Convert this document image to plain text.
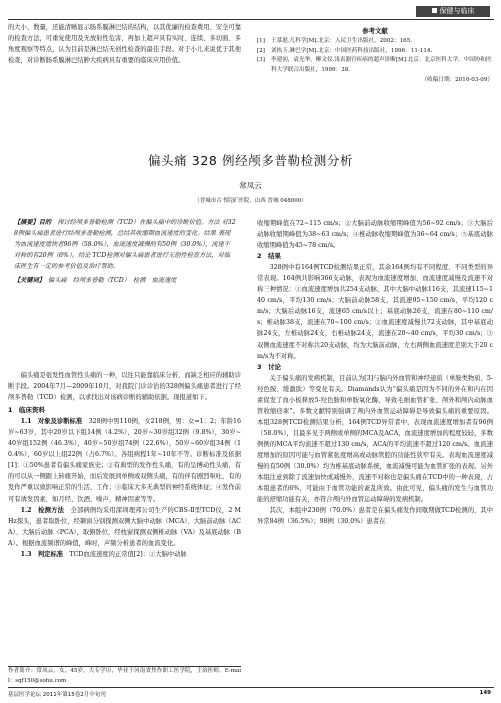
保健与临床

的大小、数量，还能清晰显示肠系膜淋巴结的结构，以其优廉的检查费用、安全可靠的检查方法，可重复使用及无放射性危害，再加上超声具有实时、连续、多切面、多角度观察等特点，认为目前是淋巴结无创性检查的最佳手段。对于小儿来说优于其他检查，对诊断肠系膜淋巴结肿大疾病具有重要的临床应用价值。

参考文献
[1]	王慕逖.儿科学[M].北京：人民卫生出版社，2002：165.
[2]	刘执玉.淋巴学[M].北京：中国医药科技出版社，1996：11-114.
[3]	李建初，袁光华，柳文仪.浅表器官疾病的超声诊断[M].北京：北京医科大学、中国协和医科大学联合出版社，1999：38.
（收稿日期：2010-03-09）
偏头痛 328 例经颅多普勒检测分析
常凤云
（晋城市古书院矿医院，山西 晋城 048000）

【摘要】目的　 探讨经颅多普勒检测（TCD）在偏头痛中的诊断价值。方法 对328例偏头痛患者进行经颅多普勒检测，总结其收缩期血流速度的变化。结果 表现为血流速度增快者96例（58.0%），血流速度减慢的有50例（30.0%），流速不对称的有20例（6%）。结论 TCD检测对偏头痛患者进行无创性检查方法，对临床医生有一定的参考价值及治疗帮助。

【关键词】　 偏头痛　经颅多普勒（TCD）　检测　血流速度

偏头痛是很发性血管性头痛的一种，以往只能靠临床分析，而缺乏相应的辅助诊断手段。2004年7月—2009年10月，对我院门诊诊治的328例偏头痛患者进行了经颅多普勒（TCD）检测，以求找出对该病诊断的辅助依据。现报道如下。

1　临床资料

1.1　对象及诊断标准　 328例中男110例，女218例，男：女=1：2；年龄16岁~63岁，其中20岁以下组14例（4.2%），20岁~30岁组32例（9.8%），30岁~40岁组152例（46.3%），40岁~50岁组74例（22.6%），50岁~60岁组34例（10.4%），60岁以上组22例（占6.7%）。各组病程1年~10年不等。诊断标准及依据[1]：①50%患者有偏头痛家族史；②有典型的发作性头痛，有的呈搏动性头痛，有的可以从一侧跟上转痛开始，而后发展到单侧或双侧头痛，有的伴有剧烈呕吐，有的发作严重以致影响正常的生活、工作；③临床大多无典型的神经系统体征；④发作前可有诱发因素，如月经、饮酒、噪声、精神因素等等。

1.2　检测方法　 全部病例均采用深圳理邦公司生产的CBS-Ⅱ型TCD仪，2 MHz探头，患者取卧位，经颞窗分别探测双侧大脑中动脉（MCA）、大脑前动脉（ACA）、大脑后动脉（PCA），取俯卧位，经枕窗探测双侧椎动脉（VA）及基底动脉（BA）。根据血流频谱的峰值，峰时，声频分析患者的血流变化。

1.3　判定标准　 TCD血流速度的正常值[2]：①大脑中动脉

作者简介：常凤云，女，45岁，大专学历，毕业于河南省焦作职工医学院，主治医师。E-mail：sqf150@sohu.com

收缩期峰值在72~115 cm/s；②大脑前动脉收缩期峰值为56~92 cm/s；③大脑后动脉收缩期峰值为38~63 cm/s；④椎动脉收缩期峰值为36~64 cm/s；⑤基底动脉收缩期峰值为45~78 cm/s。

2　结果

328例中有164例TCD检测结果正常，其余164例均有不同程度、不同类型的异常表现。164例共影响366支动脉，表现为血流速度增加、血流速度减慢及流速不对称三种情况：①血流速度增加共254支动脉，其中大脑中动脉116支，其流速115~140 cm/s，平均130 cm/s；大脑前动脉58支，其流速95~150 cm/s，平均120 cm/s；大脑后动脉16支，流速65 cm/s以上；基底动脉26支，流速在80~110 cm/s；椎动脉38支，流速在70~100 cm/s；②血流速度减慢共72支动脉，其中基底动脉24支，左椎动脉24支，右椎动脉24支，流速在20~40 cm/s，平均30 cm/s；③双侧血流速度不对称共20支动脉，均为大脑前动脉，左右两侧血流速度差别大于20 cm/s为不对称。

3　讨论

关于偏头痛的发病机制，目前认为[3]与脑内外血管和神经递质（单胺类物质、5-羟色胺、缓激肽）等变化有关。Diamands认为“偏头痛是因为不同的外在和内在因素促发了血小板释放5-羟色胺和单胺氧化酶，导致毛细血管扩张、颅外和颅内动脉血管收缩痉挛”。多数文献特别强调了颅内外血管运动障碍是导致偏头痛的重要原因。本组328例TCD检测结果分析，164例TCD异常者中，表现血流速度增加者有96例（58.0%），且最多见于两侧或单侧的MCA及ACA，血流速度增加的程度较轻，多数例例的MCA平均流速不超过130 cm/s，ACA的平均流速不超过120 cm/s。血流速度增加的原因可能与血管紧张度增高或动脉管腔的功能性狭窄有关。表现血流速度减慢的有50例（30.0%）均为椎基底动脉系统，血流减慢可能为血管扩张的表现。另外本组注意到除了流速加快或减慢外，流速不对称也是偏头痛在TCD中的一种表现，占本组患者的6%，可能由于血管功能的紊乱所致。由此可见，偏头痛的发生与血管功能的舒缩功能有关，亦符合颅内外血管运动障碍的发病机制。

其次，本组中230例（70.0%）患者是在偏头痛发作间歇期做TCD检测的，其中异常84例（36.5%）；98例（30.0%）患者在

基层医学论坛 2011年第15卷2月中旬刊	149
